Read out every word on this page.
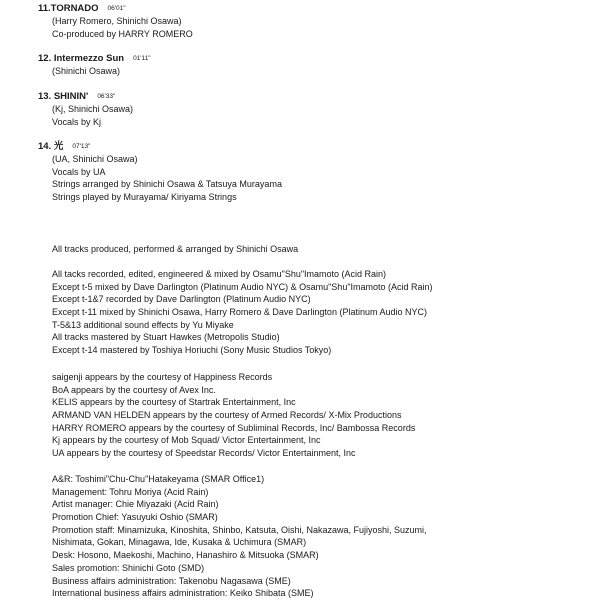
11.TORNADO 06'01"
(Harry Romero, Shinichi Osawa)
Co-produced by HARRY ROMERO
12. Intermezzo Sun 01'11"
(Shinichi Osawa)
13. SHININ' 06'33"
(Kj, Shinichi Osawa)
Vocals by Kj
14. 光 07'13"
(UA, Shinichi Osawa)
Vocals by UA
Strings arranged by Shinichi Osawa & Tatsuya Murayama
Strings played by Murayama/ Kiriyama Strings
All tracks produced, performed & arranged by Shinichi Osawa
All tacks recorded, edited, engineered & mixed by Osamu"Shu"Imamoto (Acid Rain)
Except t-5 mixed by Dave Darlington (Platinum Audio NYC) & Osamu"Shu"Imamoto (Acid Rain)
Except t-1&7 recorded by Dave Darlington (Platinum Audio NYC)
Except t-11 mixed by Shinichi Osawa, Harry Romero & Dave Darlington (Platinum Audio NYC)
T-5&13 additional sound effects by Yu Miyake
All tracks mastered by Stuart Hawkes (Metropolis Studio)
Except t-14 mastered by Toshiya Horiuchi (Sony Music Studios Tokyo)
saigenji appears by the courtesy of Happiness Records
BoA appears by the courtesy of Avex Inc.
KELIS appears by the courtesy of Startrak Entertainment, Inc
ARMAND VAN HELDEN appears by the courtesy of Armed Records/ X-Mix Productions
HARRY ROMERO appears by the courtesy of Subliminal Records, Inc/ Bambossa Records
Kj appears by the courtesy of Mob Squad/ Victor Entertainment, Inc
UA appears by the courtesy of Speedstar Records/ Victor Entertainment, Inc
A&R: Toshimi"Chu-Chu"Hatakeyama (SMAR Office1)
Management: Tohru Moriya (Acid Rain)
Artist manager: Chie Miyazaki (Acid Rain)
Promotion Chief: Yasuyuki Oshio (SMAR)
Promotion staff: Minamizuka, Kinoshita, Shinbo, Katsuta, Oishi, Nakazawa, Fujiyoshi, Suzumi,
Nishimata, Gokan, Minagawa, Ide, Kusaka & Uchimura (SMAR)
Desk: Hosono, Maekoshi, Machino, Hanashiro & Mitsuoka (SMAR)
Sales promotion: Shinichi Goto (SMD)
Business affairs administration: Takenobu Nagasawa (SME)
International business affairs administration: Keiko Shibata (SME)
